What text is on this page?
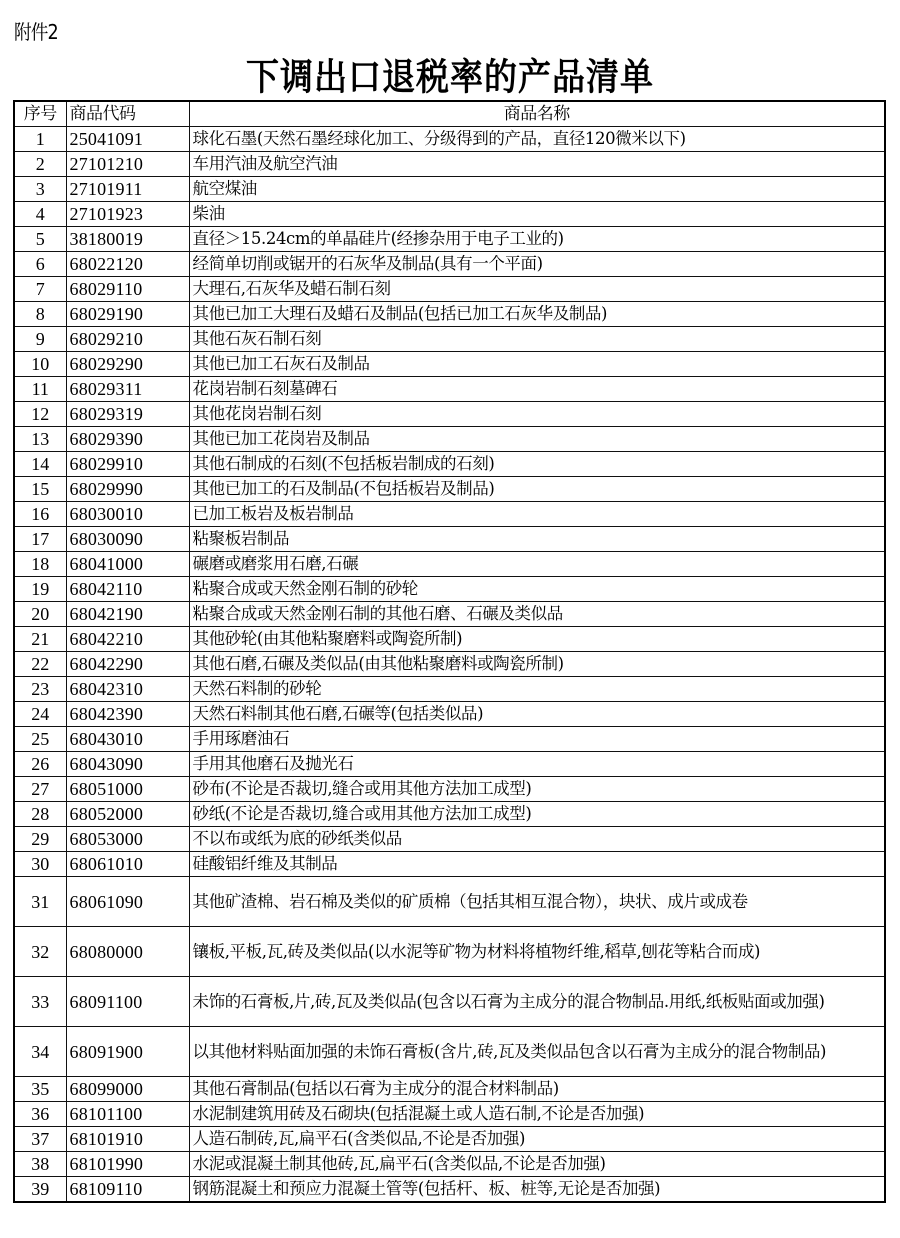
附件2
下调出口退税率的产品清单
序号	商品代码	商品名称
1	25041091	球化石墨(天然石墨经球化加工、分级得到的产品，直径120微米以下)
2	27101210	车用汽油及航空汽油
3	27101911	航空煤油
4	27101923	柴油
5	38180019	直径＞15.24cm的单晶硅片(经掺杂用于电子工业的)
6	68022120	经简单切削或锯开的石灰华及制品(具有一个平面)
7	68029110	大理石,石灰华及蜡石制石刻
8	68029190	其他已加工大理石及蜡石及制品(包括已加工石灰华及制品)
9	68029210	其他石灰石制石刻
10	68029290	其他已加工石灰石及制品
11	68029311	花岗岩制石刻墓碑石
12	68029319	其他花岗岩制石刻
13	68029390	其他已加工花岗岩及制品
14	68029910	其他石制成的石刻(不包括板岩制成的石刻)
15	68029990	其他已加工的石及制品(不包括板岩及制品)
16	68030010	已加工板岩及板岩制品
17	68030090	粘聚板岩制品
18	68041000	碾磨或磨浆用石磨,石碾
19	68042110	粘聚合成或天然金刚石制的砂轮
20	68042190	粘聚合成或天然金刚石制的其他石磨、石碾及类似品
21	68042210	其他砂轮(由其他粘聚磨料或陶瓷所制)
22	68042290	其他石磨,石碾及类似品(由其他粘聚磨料或陶瓷所制)
23	68042310	天然石料制的砂轮
24	68042390	天然石料制其他石磨,石碾等(包括类似品)
25	68043010	手用琢磨油石
26	68043090	手用其他磨石及抛光石
27	68051000	砂布(不论是否裁切,缝合或用其他方法加工成型)
28	68052000	砂纸(不论是否裁切,缝合或用其他方法加工成型)
29	68053000	不以布或纸为底的砂纸类似品
30	68061010	硅酸铝纤维及其制品
31	68061090	其他矿渣棉、岩石棉及类似的矿质棉（包括其相互混合物），块状、成片或成卷
32	68080000	镶板,平板,瓦,砖及类似品(以水泥等矿物为材料将植物纤维,稻草,刨花等粘合而成)
33	68091100	未饰的石膏板,片,砖,瓦及类似品(包含以石膏为主成分的混合物制品.用纸,纸板贴面或加强)
34	68091900	以其他材料贴面加强的未饰石膏板(含片,砖,瓦及类似品包含以石膏为主成分的混合物制品)
35	68099000	其他石膏制品(包括以石膏为主成分的混合材料制品)
36	68101100	水泥制建筑用砖及石砌块(包括混凝土或人造石制,不论是否加强)
37	68101910	人造石制砖,瓦,扁平石(含类似品,不论是否加强)
38	68101990	水泥或混凝土制其他砖,瓦,扁平石(含类似品,不论是否加强)
39	68109110	钢筋混凝土和预应力混凝土管等(包括杆、板、桩等,无论是否加强)
